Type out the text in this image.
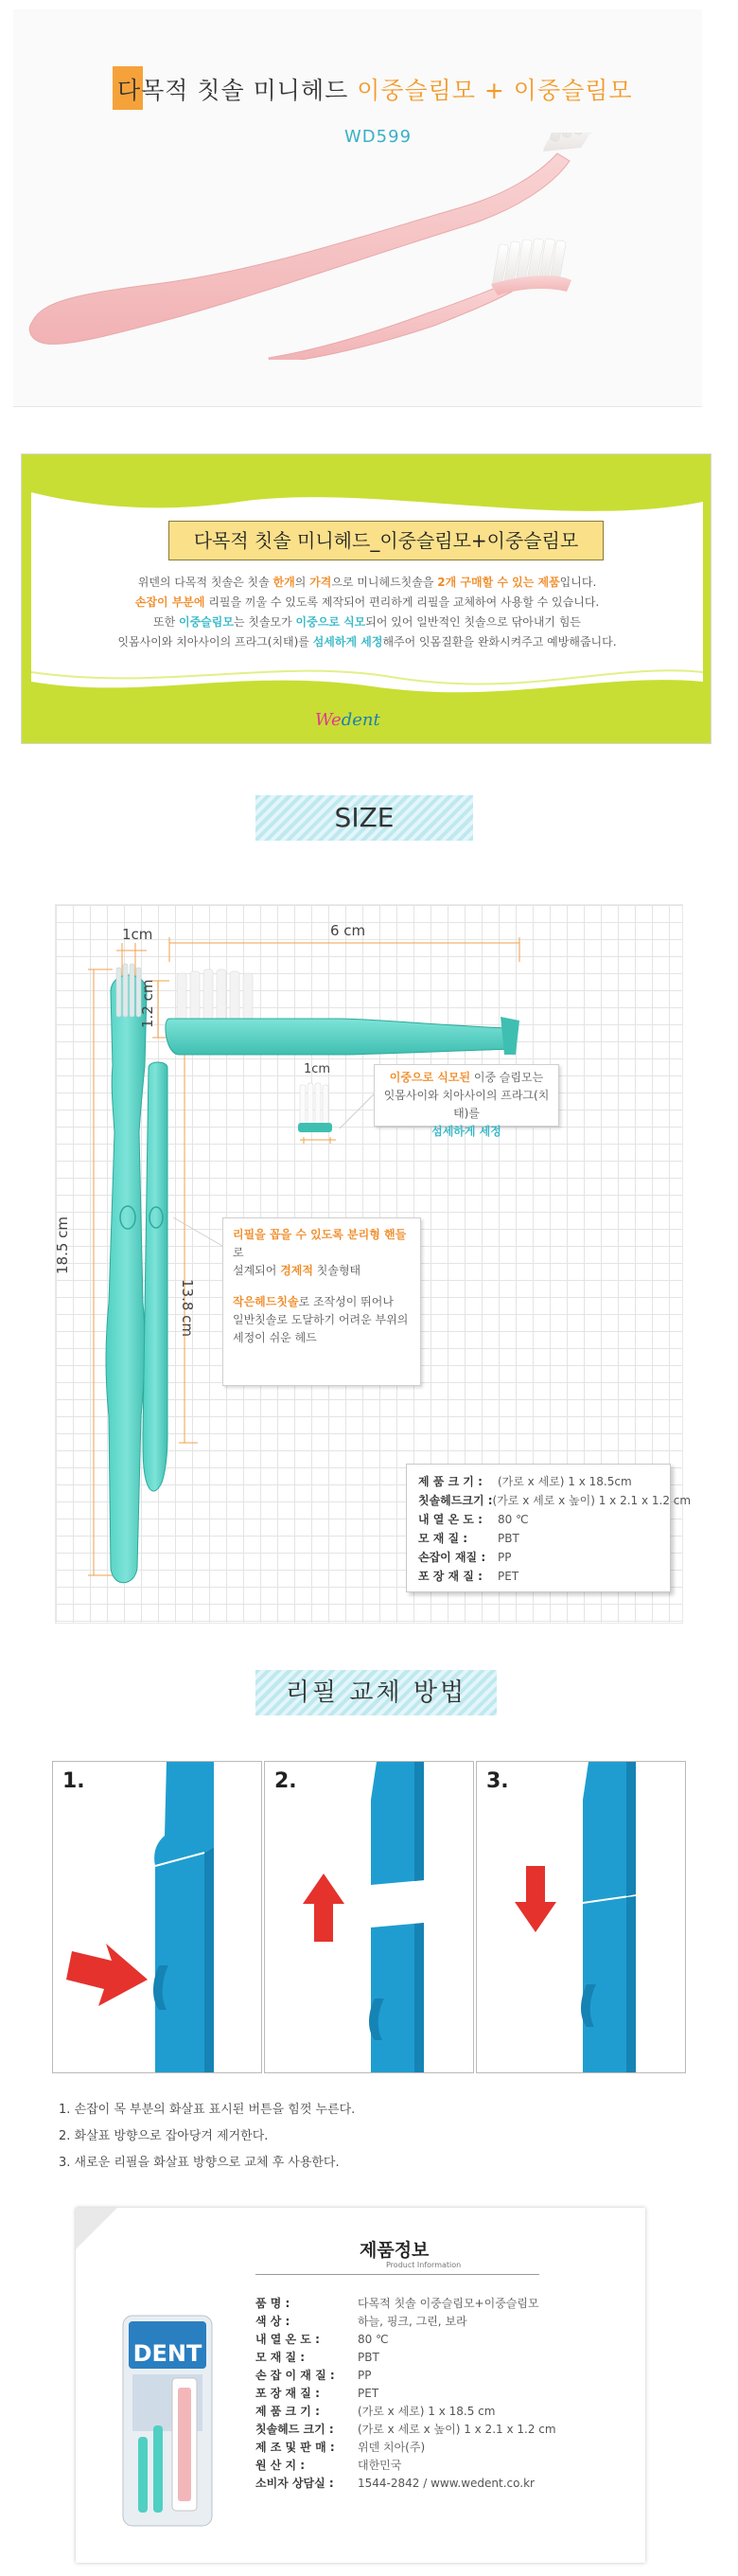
다목적 칫솔 미니헤드 이중슬림모 + 이중슬림모
WD599
다목적 칫솔 미니헤드_이중슬림모+이중슬림모
위덴의 다목적 칫솔은 칫솔 한개의 가격으로 미니헤드칫솔을 2개 구매할 수 있는 제품입니다.
손잡이 부분에 리필을 끼울 수 있도록 제작되어 편리하게 리필을 교체하여 사용할 수 있습니다.
또한 이중슬림모는 칫솔모가 이중으로 식모되어 있어 일반적인 칫솔으로 닦아내기 힘든
잇몸사이와 치아사이의 프라그(치태)를 섬세하게 세정해주어 잇몸질환을 완화시켜주고 예방해줍니다.
Wedent
SIZE
1cm
18.5 cm
13.8 cm
6 cm
1.2 cm
1cm
이중으로 식모된 이중 슬림모는
잇몸사이와 치아사이의 프라그(치태)를
섬세하게 세정
리필을 꼽을 수 있도록 분리형 핸들로
설계되어 경제적 칫솔형태
작은헤드칫솔로 조작성이 뛰어나
일반칫솔로 도달하기 어려운 부위의
세정이 쉬운 헤드
제 품 크 기 :	(가로 x 세로) 1 x 18.5cm
칫솔헤드크기 : (가로 x 세로 x 높이) 1 x 2.1 x 1.2 cm
내 열 온 도 :	80 ℃
모 재 질 :	PBT
손잡이 재질 :	PP
포 장 재 질 :	PET
리필 교체 방법
1.	2.	3.
1. 손잡이 목 부분의 화살표 표시된 버튼을 힘껏 누른다.
2. 화살표 방향으로 잡아당겨 제거한다.
3. 새로운 리필을 화살표 방향으로 교체 후 사용한다.
제품정보
Product Information
DENT
품 명 :	다목적 칫솔 이중슬림모+이중슬림모
색 상 :	하늘, 핑크, 그린, 보라
내 열 온 도 :	80 ℃
모 재 질 :	PBT
손 잡 이 재 질 :	PP
포 장 재 질 :	PET
제 품 크 기 :	(가로 x 세로) 1 x 18.5 cm
칫솔헤드 크기 :	(가로 x 세로 x 높이) 1 x 2.1 x 1.2 cm
제 조 및 판 매 :	위덴 치아(주)
원 산 지 :	대한민국
소비자 상담실 :	1544-2842 / www.wedent.co.kr
